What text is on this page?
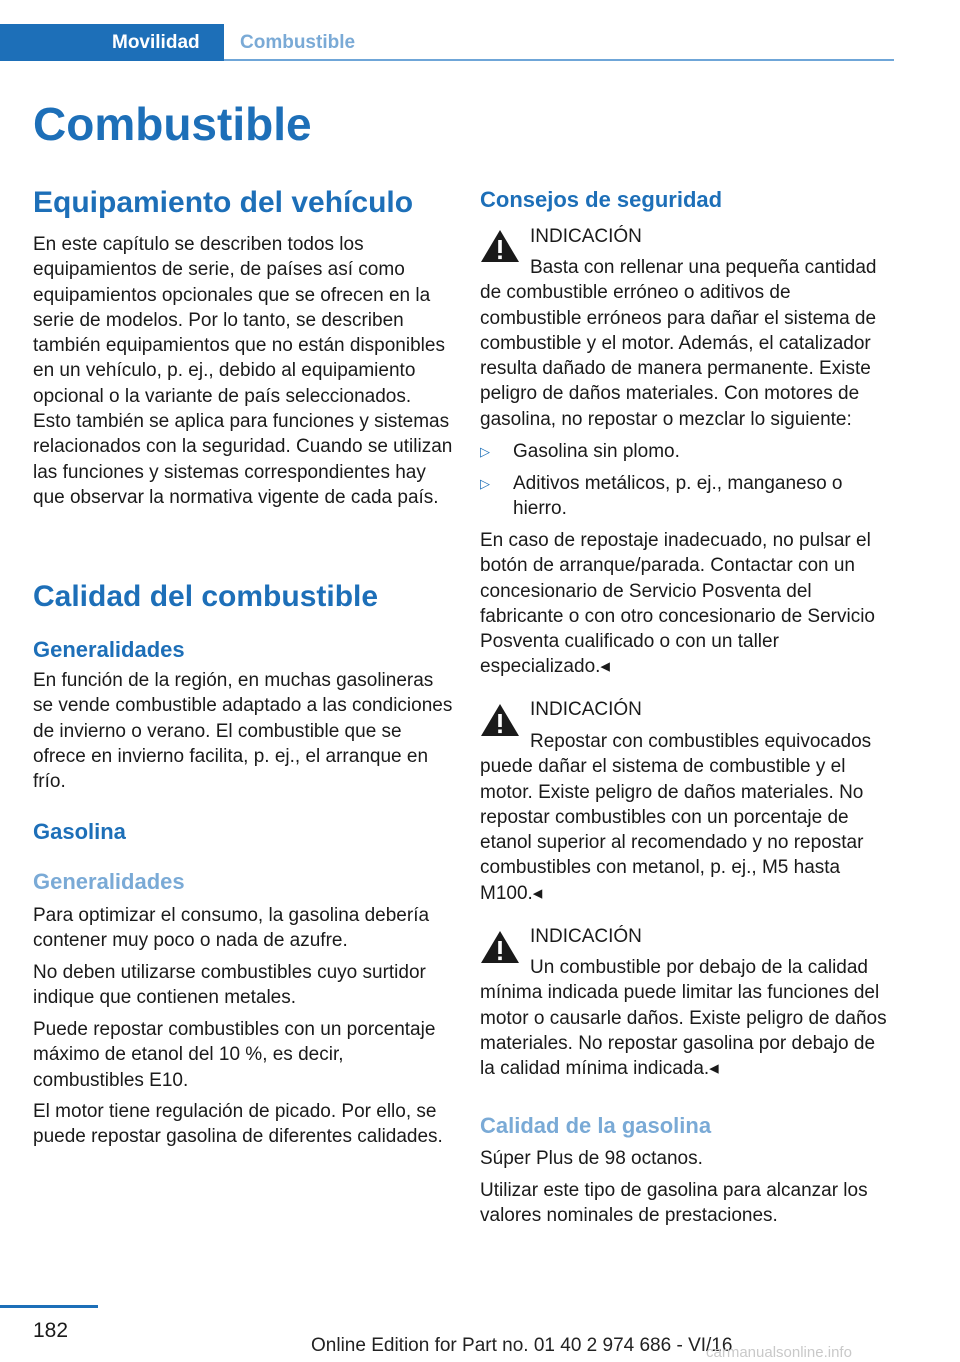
Movilidad	Combustible
Combustible
Equipamiento del vehículo

En este capítulo se describen todos los equipamientos de serie, de países así como equipamientos opcionales que se ofrecen en la serie de modelos. Por lo tanto, se describen también equipamientos que no están disponibles en un vehículo, p. ej., debido al equipamiento opcional o la variante de país seleccionados. Esto también se aplica para funciones y sistemas relacionados con la seguridad. Cuando se utilizan las funciones y sistemas correspondientes hay que observar la normativa vigente de cada país.

Calidad del combustible
Generalidades

En función de la región, en muchas gasolineras se vende combustible adaptado a las condiciones de invierno o verano. El combustible que se ofrece en invierno facilita, p. ej., el arranque en frío.

Gasolina
Generalidades

Para optimizar el consumo, la gasolina debería contener muy poco o nada de azufre.

No deben utilizarse combustibles cuyo surtidor indique que contienen metales.

Puede repostar combustibles con un porcentaje máximo de etanol del 10 %, es decir, combustibles E10.

El motor tiene regulación de picado. Por ello, se puede repostar gasolina de diferentes calidades.

Consejos de seguridad
INDICACIÓN
Basta con rellenar una pequeña cantidad de combustible erróneo o aditivos de combustible erróneos para dañar el sistema de combustible y el motor. Además, el catalizador resulta dañado de manera permanente. Existe peligro de daños materiales. Con motores de gasolina, no repostar o mezclar lo siguiente:
▷ Gasolina sin plomo.
▷ Aditivos metálicos, p. ej., manganeso o hierro.

En caso de repostaje inadecuado, no pulsar el botón de arranque/parada. Contactar con un concesionario de Servicio Posventa del fabricante o con otro concesionario de Servicio Posventa cualificado o con un taller especializado.◂

INDICACIÓN
Repostar con combustibles equivocados puede dañar el sistema de combustible y el motor. Existe peligro de daños materiales. No repostar combustibles con un porcentaje de etanol superior al recomendado y no repostar combustibles con metanol, p. ej., M5 hasta M100.◂
INDICACIÓN
Un combustible por debajo de la calidad mínima indicada puede limitar las funciones del motor o causarle daños. Existe peligro de daños materiales. No repostar gasolina por debajo de la calidad mínima indicada.◂
Calidad de la gasolina

Súper Plus de 98 octanos.

Utilizar este tipo de gasolina para alcanzar los valores nominales de prestaciones.

182
Online Edition for Part no. 01 40 2 974 686 - VI/16
carmanualsonline.info
